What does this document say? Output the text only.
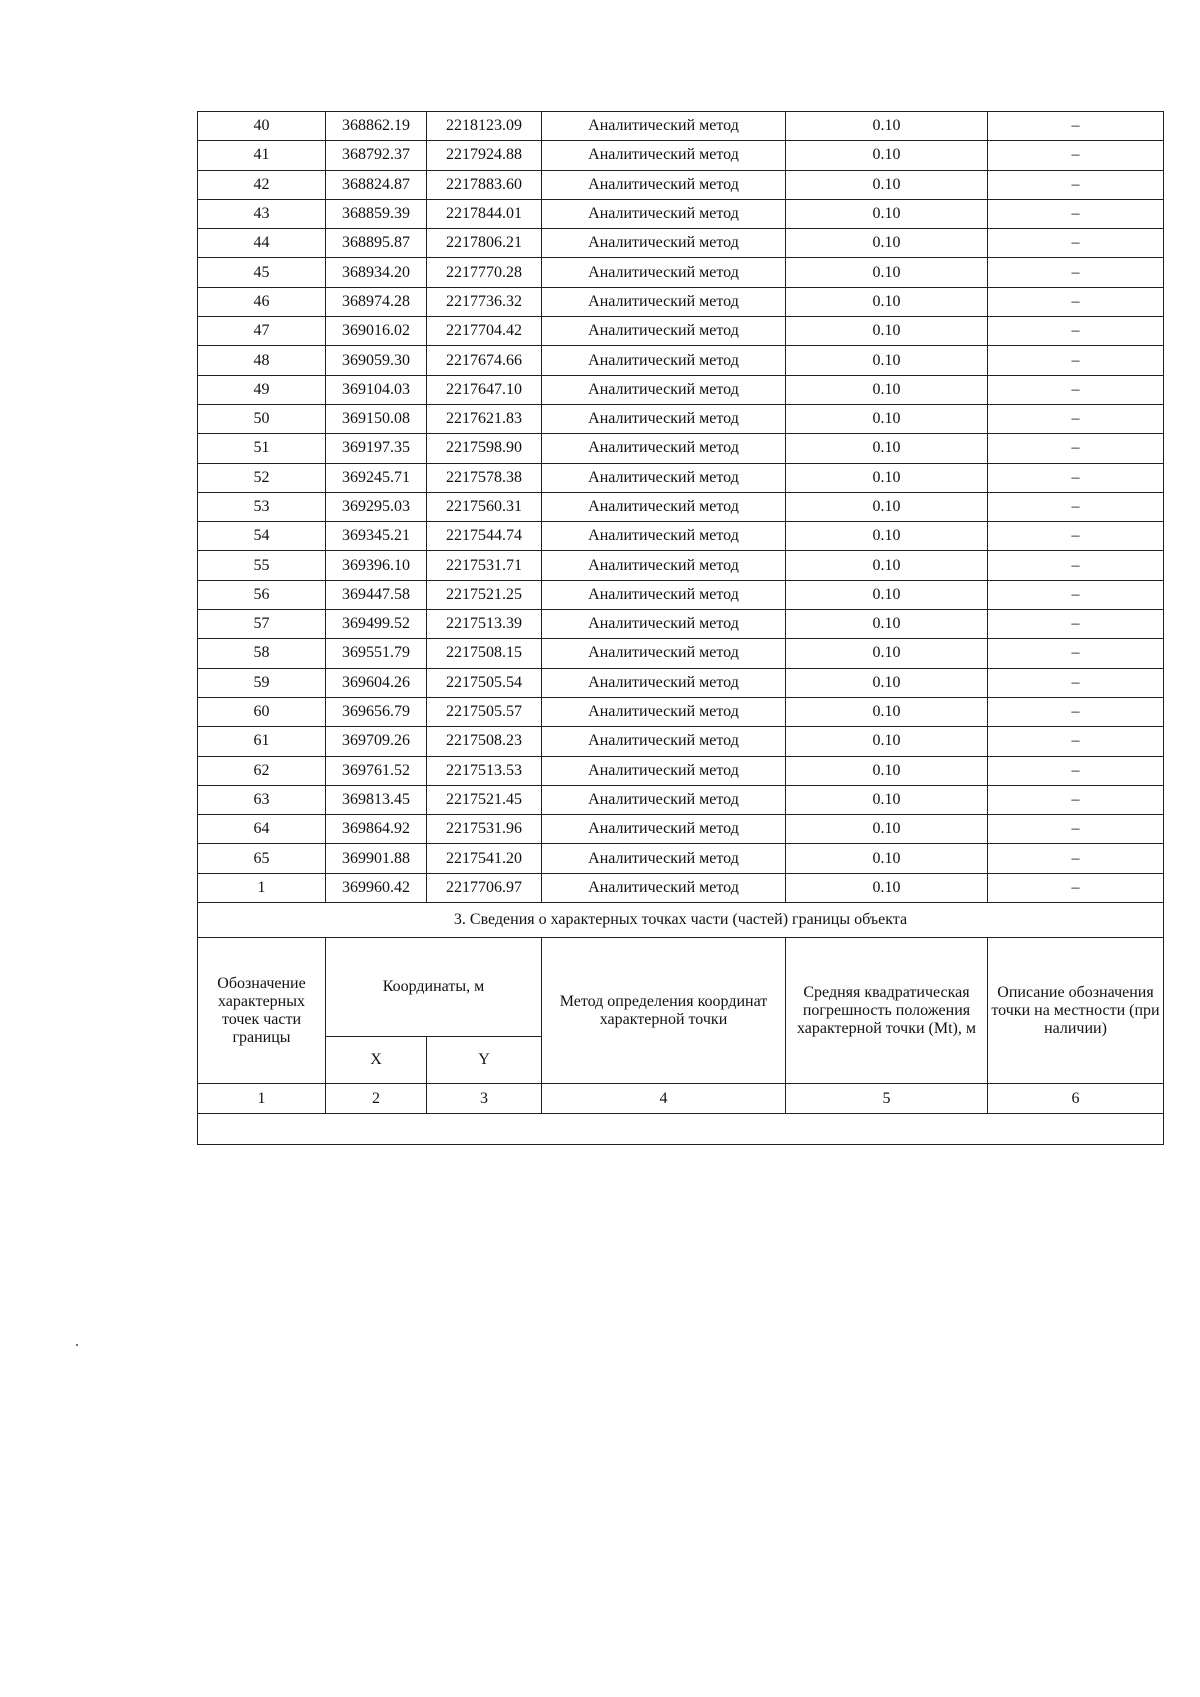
40	368862.19	2218123.09	Аналитический метод	0.10	–
41	368792.37	2217924.88	Аналитический метод	0.10	–
42	368824.87	2217883.60	Аналитический метод	0.10	–
43	368859.39	2217844.01	Аналитический метод	0.10	–
44	368895.87	2217806.21	Аналитический метод	0.10	–
45	368934.20	2217770.28	Аналитический метод	0.10	–
46	368974.28	2217736.32	Аналитический метод	0.10	–
47	369016.02	2217704.42	Аналитический метод	0.10	–
48	369059.30	2217674.66	Аналитический метод	0.10	–
49	369104.03	2217647.10	Аналитический метод	0.10	–
50	369150.08	2217621.83	Аналитический метод	0.10	–
51	369197.35	2217598.90	Аналитический метод	0.10	–
52	369245.71	2217578.38	Аналитический метод	0.10	–
53	369295.03	2217560.31	Аналитический метод	0.10	–
54	369345.21	2217544.74	Аналитический метод	0.10	–
55	369396.10	2217531.71	Аналитический метод	0.10	–
56	369447.58	2217521.25	Аналитический метод	0.10	–
57	369499.52	2217513.39	Аналитический метод	0.10	–
58	369551.79	2217508.15	Аналитический метод	0.10	–
59	369604.26	2217505.54	Аналитический метод	0.10	–
60	369656.79	2217505.57	Аналитический метод	0.10	–
61	369709.26	2217508.23	Аналитический метод	0.10	–
62	369761.52	2217513.53	Аналитический метод	0.10	–
63	369813.45	2217521.45	Аналитический метод	0.10	–
64	369864.92	2217531.96	Аналитический метод	0.10	–
65	369901.88	2217541.20	Аналитический метод	0.10	–
1	369960.42	2217706.97	Аналитический метод	0.10	–
3. Сведения о характерных точках части (частей) границы объекта					
Обозначение характерных точек части границы	Координаты, м		Метод определения координат характерной точки	Средняя квадратическая погрешность положения характерной точки (Mt), м	Описание обозначения точки на местности (при наличии)
	X	Y			
1	2	3	4	5	6
